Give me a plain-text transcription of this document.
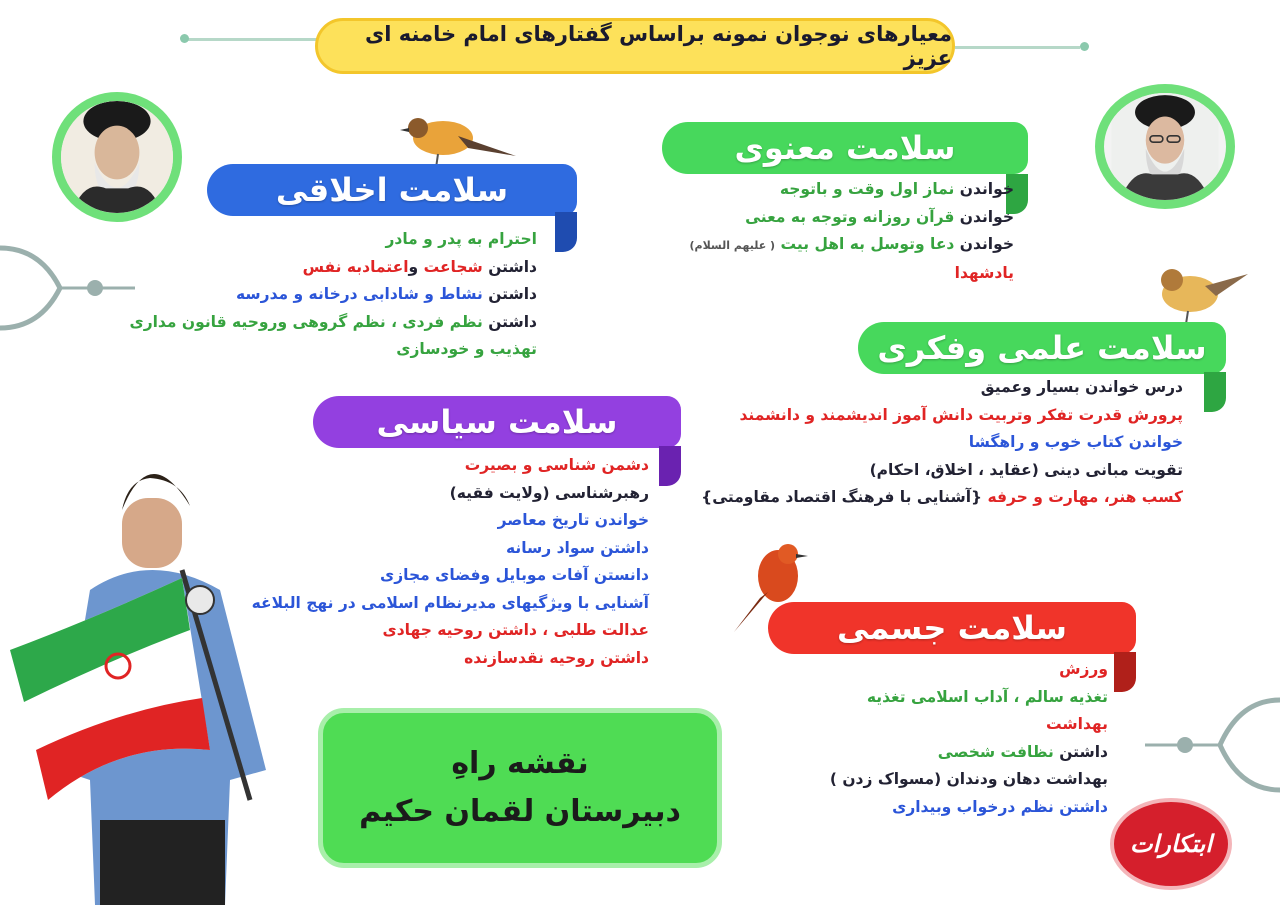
معیارهای نوجوان نمونه براساس گفتارهای امام خامنه ای عزیز
سلامت معنوی
خواندن نماز اول وقت و باتوجه
خواندن قرآن روزانه وتوجه به معنی
خواندن دعا وتوسل به اهل بیت ( علیهم السلام)
یادشهدا
سلامت اخلاقی
احترام به پدر و مادر
داشتن شجاعت واعتمادبه نفس
داشتن نشاط و شادابی درخانه و مدرسه
داشتن نظم فردی ، نظم گروهی وروحیه قانون مداری
تهذیب و خودسازی	سلامت علمی وفکری
درس خواندن بسیار وعمیق
پرورش قدرت تفکر وتربیت دانش آموز اندیشمند و دانشمند
خواندن کتاب خوب و راهگشا
تقویت مبانی دینی (عقاید ، اخلاق، احکام)
کسب هنر، مهارت و حرفه {آشنایی با فرهنگ اقتصاد مقاومتی}
سلامت سیاسی
دشمن شناسی و بصیرت
رهبرشناسی (ولایت فقیه)
خواندن تاریخ معاصر
داشتن سواد رسانه
دانستن آفات موبایل وفضای مجازی
آشنایی با ویژگیهای مدیرنظام اسلامی در نهج البلاغه
عدالت طلبی ، داشتن روحیه جهادی
داشتن روحیه نقدسازنده
سلامت جسمی
ورزش
تغذیه سالم ، آداب اسلامی تغذیه
بهداشت
داشتن نظافت شخصی
بهداشت دهان ودندان (مسواک زدن )
داشتن نظم درخواب وبیداری
نقشه راهِ
دبیرستان لقمان حکیم
ابتکارات
